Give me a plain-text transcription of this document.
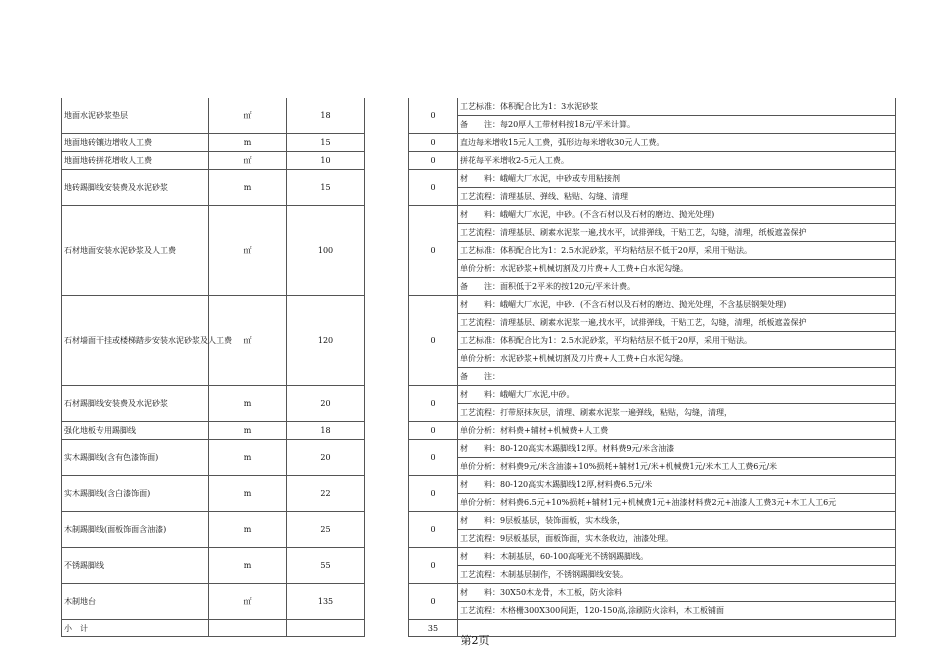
地面水泥砂浆垫层	㎡	18		0	工艺标准：体积配合比为1：3水泥砂浆
备　　注：每20厚人工带材料按18元/平米计算。

地面地砖镶边增收人工费	m	15		0	直边每米增收15元人工费，弧形边每米增收30元人工费。

地面地砖拼花增收人工费	㎡	10		0	拼花每平米增收2-5元人工费。

地砖踢脚线安装费及水泥砂浆	m	15		0	材　　料：峨嵋大厂水泥，中砂或专用粘接剂
工艺流程：清理基层、弹线、粘贴、勾缝、清理

石材地面安装水泥砂浆及人工费	㎡	100		0	材　　料：峨嵋大厂水泥，中砂。(不含石材以及石材的磨边、抛光处理)
工艺流程：清理基层、刷素水泥浆一遍,找水平，试排弹线，干贴工艺，勾缝，清理，纸板遮盖保护
工艺标准：体积配合比为1：2.5水泥砂浆，平均粘结层不低于20厚，采用干贴法。
单价分析：水泥砂浆+机械切割及刀片费+人工费+白水泥勾缝。
备　　注：面积低于2平米的按120元/平米计费。

石材墙面干挂或楼梯踏步安装水泥砂浆及人工费	㎡	120		0	材　　料：峨嵋大厂水泥，中砂．(不含石材以及石材的磨边、抛光处理，不含基层钢架处理)
工艺流程：清理基层、刷素水泥浆一遍,找水平，试排弹线，干贴工艺，勾缝，清理，纸板遮盖保护
工艺标准：体积配合比为1：2.5水泥砂浆，平均粘结层不低于20厚，采用干贴法。
单价分析：水泥砂浆+机械切割及刀片费+人工费+白水泥勾缝。
备　　注：

石材踢脚线安装费及水泥砂浆	m	20		0	材　　料：峨嵋大厂水泥,中砂。
工艺流程：打带原抹灰层，清理、刷素水泥浆一遍弹线，粘贴，勾缝，清理，

强化地板专用踢脚线	m	18		0	单价分析：材料费+辅材+机械费+人工费

实木踢脚线(含有色漆饰面)	m	20		0	材　　料：80-120高实木踢脚线12厚。材料费9元/米含油漆
单价分析：材料费9元/米含油漆+10%损耗+辅材1元/米+机械费1元/米木工人工费6元/米

实木踢脚线(含白漆饰面)	m	22		0	材　　料：80-120高实木踢脚线12厚,材料费6.5元/米
单价分析：材料费6.5元+10%损耗+辅材1元+机械费1元+油漆材料费2元+油漆人工费3元+木工人工6元

木制踢脚线(面板饰面含油漆)	m	25		0	材　　料：9层板基层，装饰面板，实木线条，
工艺流程：9层板基层，面板饰面，实木条收边，油漆处理。

不锈踢脚线	m	55		0	材　　料：木制基层，60-100高哑光不锈钢踢脚线。
工艺流程：木制基层制作，不锈钢踢脚线安装。

木制地台	㎡	135		0	材　　料：30X50木龙骨，木工板，防火涂料
工艺流程：木格栅300X300间距，120-150高,涂刷防火涂料，木工板铺面

小　计				35	
第2页
